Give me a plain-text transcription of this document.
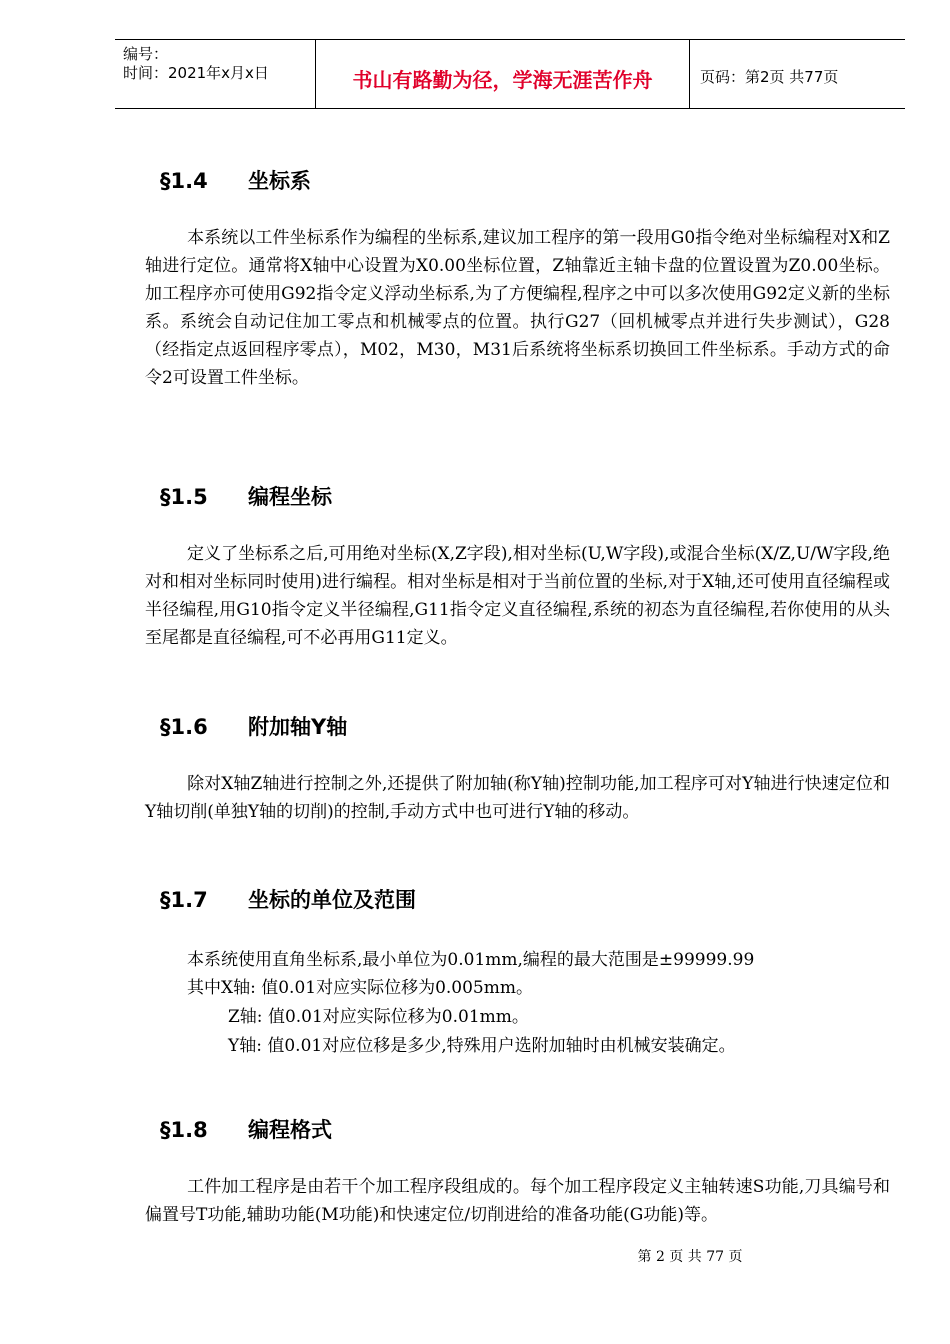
编号：
时间：2021年x月x日	书山有路勤为径，学海无涯苦作舟	页码：第2页 共77页
§1.4 坐标系
本系统以工件坐标系作为编程的坐标系,建议加工程序的第一段用G0指令绝对坐标编程对X和Z轴进行定位。通常将X轴中心设置为X0.00坐标位置，Z轴靠近主轴卡盘的位置设置为Z0.00坐标。加工程序亦可使用G92指令定义浮动坐标系,为了方便编程,程序之中可以多次使用G92定义新的坐标系。系统会自动记住加工零点和机械零点的位置。执行G27（回机械零点并进行失步测试），G28（经指定点返回程序零点），M02，M30，M31后系统将坐标系切换回工件坐标系。手动方式的命令2可设置工件坐标。
§1.5 编程坐标
定义了坐标系之后,可用绝对坐标(X,Z字段),相对坐标(U,W字段),或混合坐标(X/Z,U/W字段,绝对和相对坐标同时使用)进行编程。相对坐标是相对于当前位置的坐标,对于X轴,还可使用直径编程或半径编程,用G10指令定义半径编程,G11指令定义直径编程,系统的初态为直径编程,若你使用的从头至尾都是直径编程,可不必再用G11定义。
§1.6 附加轴Y轴
除对X轴Z轴进行控制之外,还提供了附加轴(称Y轴)控制功能,加工程序可对Y轴进行快速定位和Y轴切削(单独Y轴的切削)的控制,手动方式中也可进行Y轴的移动。
§1.7 坐标的单位及范围
本系统使用直角坐标系,最小单位为0.01mm,编程的最大范围是±99999.99
其中X轴: 值0.01对应实际位移为0.005mm。
Z轴: 值0.01对应实际位移为0.01mm。
Y轴: 值0.01对应位移是多少,特殊用户选附加轴时由机械安装确定。
§1.8 编程格式
工件加工程序是由若干个加工程序段组成的。每个加工程序段定义主轴转速S功能,刀具编号和偏置号T功能,辅助功能(M功能)和快速定位/切削进给的准备功能(G功能)等。
第 2 页 共 77 页
